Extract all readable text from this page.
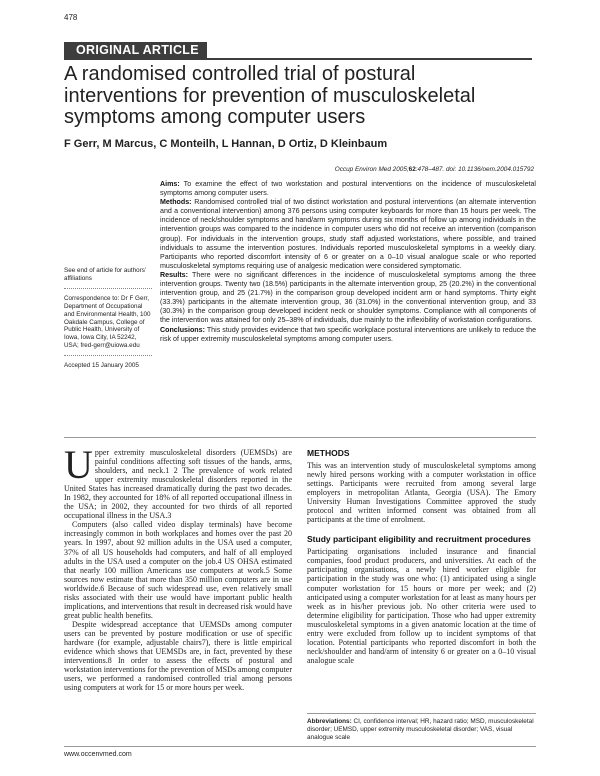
478
ORIGINAL ARTICLE
A randomised controlled trial of postural interventions for prevention of musculoskeletal symptoms among computer users
F Gerr, M Marcus, C Monteilh, L Hannan, D Ortiz, D Kleinbaum
Occup Environ Med 2005;62:478–487. doi: 10.1136/oem.2004.015792

Aims: To examine the effect of two workstation and postural interventions on the incidence of musculoskeletal symptoms among computer users.

Methods: Randomised controlled trial of two distinct workstation and postural interventions (an alternate intervention and a conventional intervention) among 376 persons using computer keyboards for more than 15 hours per week. The incidence of neck/shoulder symptoms and hand/arm symptoms during six months of follow up among individuals in the intervention groups was compared to the incidence in computer users who did not receive an intervention (comparison group). For individuals in the intervention groups, study staff adjusted workstations, where possible, and trained individuals to assume the intervention postures. Individuals reported musculoskeletal symptoms in a weekly diary. Participants who reported discomfort intensity of 6 or greater on a 0–10 visual analogue scale or who reported musculoskeletal symptoms requiring use of analgesic medication were considered symptomatic.

Results: There were no significant differences in the incidence of musculoskeletal symptoms among the three intervention groups. Twenty two (18.5%) participants in the alternate intervention group, 25 (20.2%) in the conventional intervention group, and 25 (21.7%) in the comparison group developed incident arm or hand symptoms. Thirty eight (33.3%) participants in the alternate intervention group, 36 (31.0%) in the conventional intervention group, and 33 (30.3%) in the comparison group developed incident neck or shoulder symptoms. Compliance with all components of the intervention was attained for only 25–38% of individuals, due mainly to the inflexibility of workstation configurations.

Conclusions: This study provides evidence that two specific workplace postural interventions are unlikely to reduce the risk of upper extremity musculoskeletal symptoms among computer users.

See end of article for authors’ affiliations

Correspondence to: Dr F Gerr, Department of Occupational and Environmental Health, 100 Oakdale Campus, College of Public Health, University of Iowa, Iowa City, IA 52242, USA; fred-gerr@uiowa.edu

Accepted 15 January 2005

Upper extremity musculoskeletal disorders (UEMSDs) are painful conditions affecting soft tissues of the hands, arms, shoulders, and neck.1 2 The prevalence of work related upper extremity musculoskeletal disorders reported in the United States has increased dramatically during the past two decades. In 1982, they accounted for 18% of all reported occupational illness in the USA; in 2002, they accounted for two thirds of all reported occupational illness in the USA.3

Computers (also called video display terminals) have become increasingly common in both workplaces and homes over the past 20 years. In 1997, about 92 million adults in the USA used a computer, 37% of all US households had computers, and half of all employed adults in the USA used a computer on the job.4 US OHSA estimated that nearly 100 million Americans use computers at work.5 Some sources now estimate that more than 350 million computers are in use worldwide.6 Because of such widespread use, even relatively small risks associated with their use would have important public health implications, and interventions that result in decreased risk would have great public health benefits.

Despite widespread acceptance that UEMSDs among computer users can be prevented by posture modification or use of specific hardware (for example, adjustable chairs7), there is little empirical evidence which shows that UEMSDs are, in fact, prevented by these interventions.8 In order to assess the effects of postural and workstation interventions for the prevention of MSDs among computer users, we performed a randomised controlled trial among persons using computers at work for 15 or more hours per week.

METHODS

This was an intervention study of musculoskeletal symptoms among newly hired persons working with a computer workstation in office settings. Participants were recruited from among several large employers in metropolitan Atlanta, Georgia (USA). The Emory University Human Investigations Committee approved the study protocol and written informed consent was obtained from all participants at the time of enrolment.

Study participant eligibility and recruitment procedures

Participating organisations included insurance and financial companies, food product producers, and universities. At each of the participating organisations, a newly hired worker eligible for participation in the study was one who: (1) anticipated using a single computer workstation for 15 hours or more per week; and (2) anticipated using a computer workstation for at least as many hours per week as in his/her previous job. No other criteria were used to determine eligibility for participation. Those who had upper extremity musculoskeletal symptoms in a given anatomic location at the time of entry were excluded from follow up to incident symptoms of that location. Potential participants who reported discomfort in both the neck/shoulder and hand/arm of intensity 6 or greater on a 0–10 visual analogue scale

Abbreviations: CI, confidence interval; HR, hazard ratio; MSD, musculoskeletal disorder; UEMSD, upper extremity musculoskeletal disorder; VAS, visual analogue scale
www.occenvmed.com
